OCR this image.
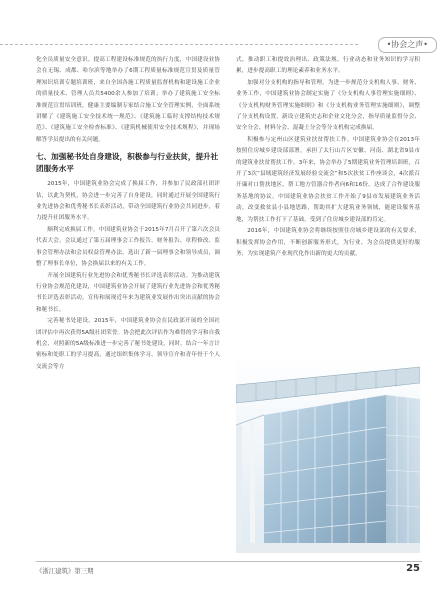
•协会之声•

化全员质量安全意识。提高工程建设标准规范的执行力度，中国建设业协会在无锡、成都、哈尔滨等地举办了6期工程质量标准规范宣贯及质量管理知识培训专题培训班，来自全国各施工程质量监督机构和建设施工企业的质量技术、管理人员共5400余人参加了培训；举办了建筑施工安全标准规范宣贯培训班，健康主要编制专家结合施工安全管理实例，全面系统讲解了《建筑施工安全技术统一规范》、《建筑施工临时支撑结构技术规范》、《建筑施工安全检查标准》、《建筑机械使用安全技术规程》，并现场解答学员提出的有关问题。

七、加强秘书处自身建设，积极参与行业扶贫，提升社团服务水平

2015年，中国建筑业协会完成了换届工作，并参加了民政部社团评估，以此为契机，协会进一步完善了自身建设，同时通过开展全国建筑行业先进协会和优秀秘书长表彰活动，带动全国建筑行业协会共同进步，着力提升社团服务水平。

顺利完成换届工作。中国建筑业协会于2015年7月召开了第六次会员代表大会。会议通过了第五届理事会工作报告、财务报告、章程修改、监事会管理办法和会员权益管理办法。选出了新一届理事会和领导成员，调整了理事长单位，协会换届以来的有关工作。

开展全国建筑行业先进协会和优秀秘书长评选表彰活动。为推动建筑行业协会规范化建设，中国建筑业协会开展了建筑行业先进协会和优秀秘书长评选表彰活动。宣传和展现近年来为建筑业发展作出突出贡献的协会和秘书长。

完善秘书处建设。2015年，中国建筑业协会在民政部开展的全国社团评估中再次获得5A级社团荣誉。协会把此次评估作为难得的学习和自我机会，对照新的5A级标准进一步完善了秘书处建设，同时，结合一年言计密标和处职工的学习提高，通过组织集体学习、领导宣介和青年骨干个人交流会等方

式，推动职工和提效治理出、政策法规、行业动态和业务知识的学习积累，进步提高职工的理论素养和业务水平。

加强对分支机构的指导和管理。为进一步规范分支机构人事、财务、业务工作，中国建筑业协会制定实施了《分支机构人事管理实施细则》、《分支机构财务管理实施细则》和《分支机构业务管理实施细则》，调整了分支机构设置，新设立建筑史志和企业文化分会，指导质量监督分会、安全分会、材料分会、混凝土分会等分支机构完成换届。

积极参与定州山区建筑业扶贫帮扶工作。中国建筑业协会在2013年按照住房城乡建设部部署，承担了太行山片区安徽、河南、湖北省9县市的建筑业扶贫帮扶工作。3年来，协会举办了5期建筑业务管理培训班，召开了3次“县域建筑经济发展经验交流会”和5次扶贫工作座谈会，4次派召开廉对口帮扶地区，帮工地方管器合作者向6和16份，达成了合作建设服务基地的协议。中国建筑业协会扶贫工作开始了9县市发展建筑业务活动，改变救贫县小县地思路，帮助其扩大建筑业务领域，能建设服务基地，为帮扶工作打下了基础，受到了住房城乡建设部的肯定。

2016年，中国建筑业协会将继续按照住房城乡建设部的有关要求，积极发挥协会作用，不断创新服务形式，为行业、为会员提供更好的服务，为实现建筑产业现代化作出新的更大的贡献。

《浙江建筑》第三期	25
